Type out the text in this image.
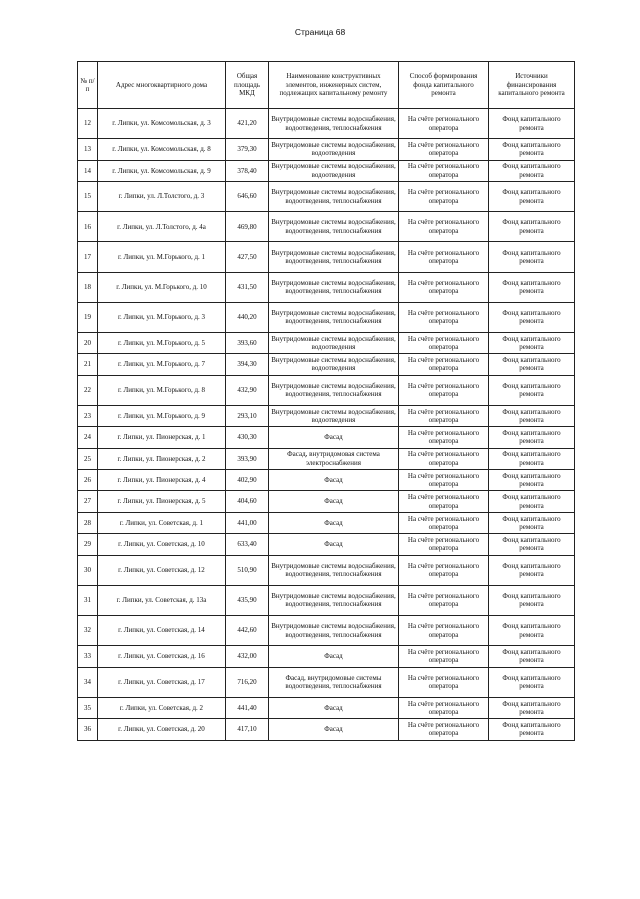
Страница 68
№ п/п	Адрес многоквартирного дома	Общая площадь МКД	Наименование конструктивных элементов, инженерных систем, подлежащих капитальному ремонту	Способ формирования фонда капитального ремонта	Источники финансирования капитального ремонта
12	г. Липки, ул. Комсомольская, д. 3	421,20	Внутридомовые системы водоснабжения, водоотведения, теплоснабжения	На счёте регионального оператора	Фонд капитального ремонта
13	г. Липки, ул. Комсомольская, д. 8	379,30	Внутридомовые системы водоснабжения, водоотведения	На счёте регионального оператора	Фонд капитального ремонта
14	г. Липки, ул. Комсомольская, д. 9	378,40	Внутридомовые системы водоснабжения, водоотведения	На счёте регионального оператора	Фонд капитального ремонта
15	г. Липки, ул. Л.Толстого, д. 3	646,60	Внутридомовые системы водоснабжения, водоотведения, теплоснабжения	На счёте регионального оператора	Фонд капитального ремонта
16	г. Липки, ул. Л.Толстого, д. 4а	469,80	Внутридомовые системы водоснабжения, водоотведения, теплоснабжения	На счёте регионального оператора	Фонд капитального ремонта
17	г. Липки, ул. М.Горького, д. 1	427,50	Внутридомовые системы водоснабжения, водоотведения, теплоснабжения	На счёте регионального оператора	Фонд капитального ремонта
18	г. Липки, ул. М.Горького, д. 10	431,50	Внутридомовые системы водоснабжения, водоотведения, теплоснабжения	На счёте регионального оператора	Фонд капитального ремонта
19	г. Липки, ул. М.Горького, д. 3	440,20	Внутридомовые системы водоснабжения, водоотведения, теплоснабжения	На счёте регионального оператора	Фонд капитального ремонта
20	г. Липки, ул. М.Горького, д. 5	393,60	Внутридомовые системы водоснабжения, водоотведения	На счёте регионального оператора	Фонд капитального ремонта
21	г. Липки, ул. М.Горького, д. 7	394,30	Внутридомовые системы водоснабжения, водоотведения	На счёте регионального оператора	Фонд капитального ремонта
22	г. Липки, ул. М.Горького, д. 8	432,90	Внутридомовые системы водоснабжения, водоотведения, теплоснабжения	На счёте регионального оператора	Фонд капитального ремонта
23	г. Липки, ул. М.Горького, д. 9	293,10	Внутридомовые системы водоснабжения, водоотведения	На счёте регионального оператора	Фонд капитального ремонта
24	г. Липки, ул. Пионерская, д. 1	430,30	Фасад	На счёте регионального оператора	Фонд капитального ремонта
25	г. Липки, ул. Пионерская, д. 2	393,90	Фасад, внутридомовая система электроснабжения	На счёте регионального оператора	Фонд капитального ремонта
26	г. Липки, ул. Пионерская, д. 4	402,90	Фасад	На счёте регионального оператора	Фонд капитального ремонта
27	г. Липки, ул. Пионерская, д. 5	404,60	Фасад	На счёте регионального оператора	Фонд капитального ремонта
28	г. Липки, ул. Советская, д. 1	441,00	Фасад	На счёте регионального оператора	Фонд капитального ремонта
29	г. Липки, ул. Советская, д. 10	633,40	Фасад	На счёте регионального оператора	Фонд капитального ремонта
30	г. Липки, ул. Советская, д. 12	510,90	Внутридомовые системы водоснабжения, водоотведения, теплоснабжения	На счёте регионального оператора	Фонд капитального ремонта
31	г. Липки, ул. Советская, д. 13а	435,90	Внутридомовые системы водоснабжения, водоотведения, теплоснабжения	На счёте регионального оператора	Фонд капитального ремонта
32	г. Липки, ул. Советская, д. 14	442,60	Внутридомовые системы водоснабжения, водоотведения, теплоснабжения	На счёте регионального оператора	Фонд капитального ремонта
33	г. Липки, ул. Советская, д. 16	432,00	Фасад	На счёте регионального оператора	Фонд капитального ремонта
34	г. Липки, ул. Советская, д. 17	716,20	Фасад, внутридомовые системы водоотведения, теплоснабжения	На счёте регионального оператора	Фонд капитального ремонта
35	г. Липки, ул. Советская, д. 2	441,40	Фасад	На счёте регионального оператора	Фонд капитального ремонта
36	г. Липки, ул. Советская, д. 20	417,10	Фасад	На счёте регионального оператора	Фонд капитального ремонта
